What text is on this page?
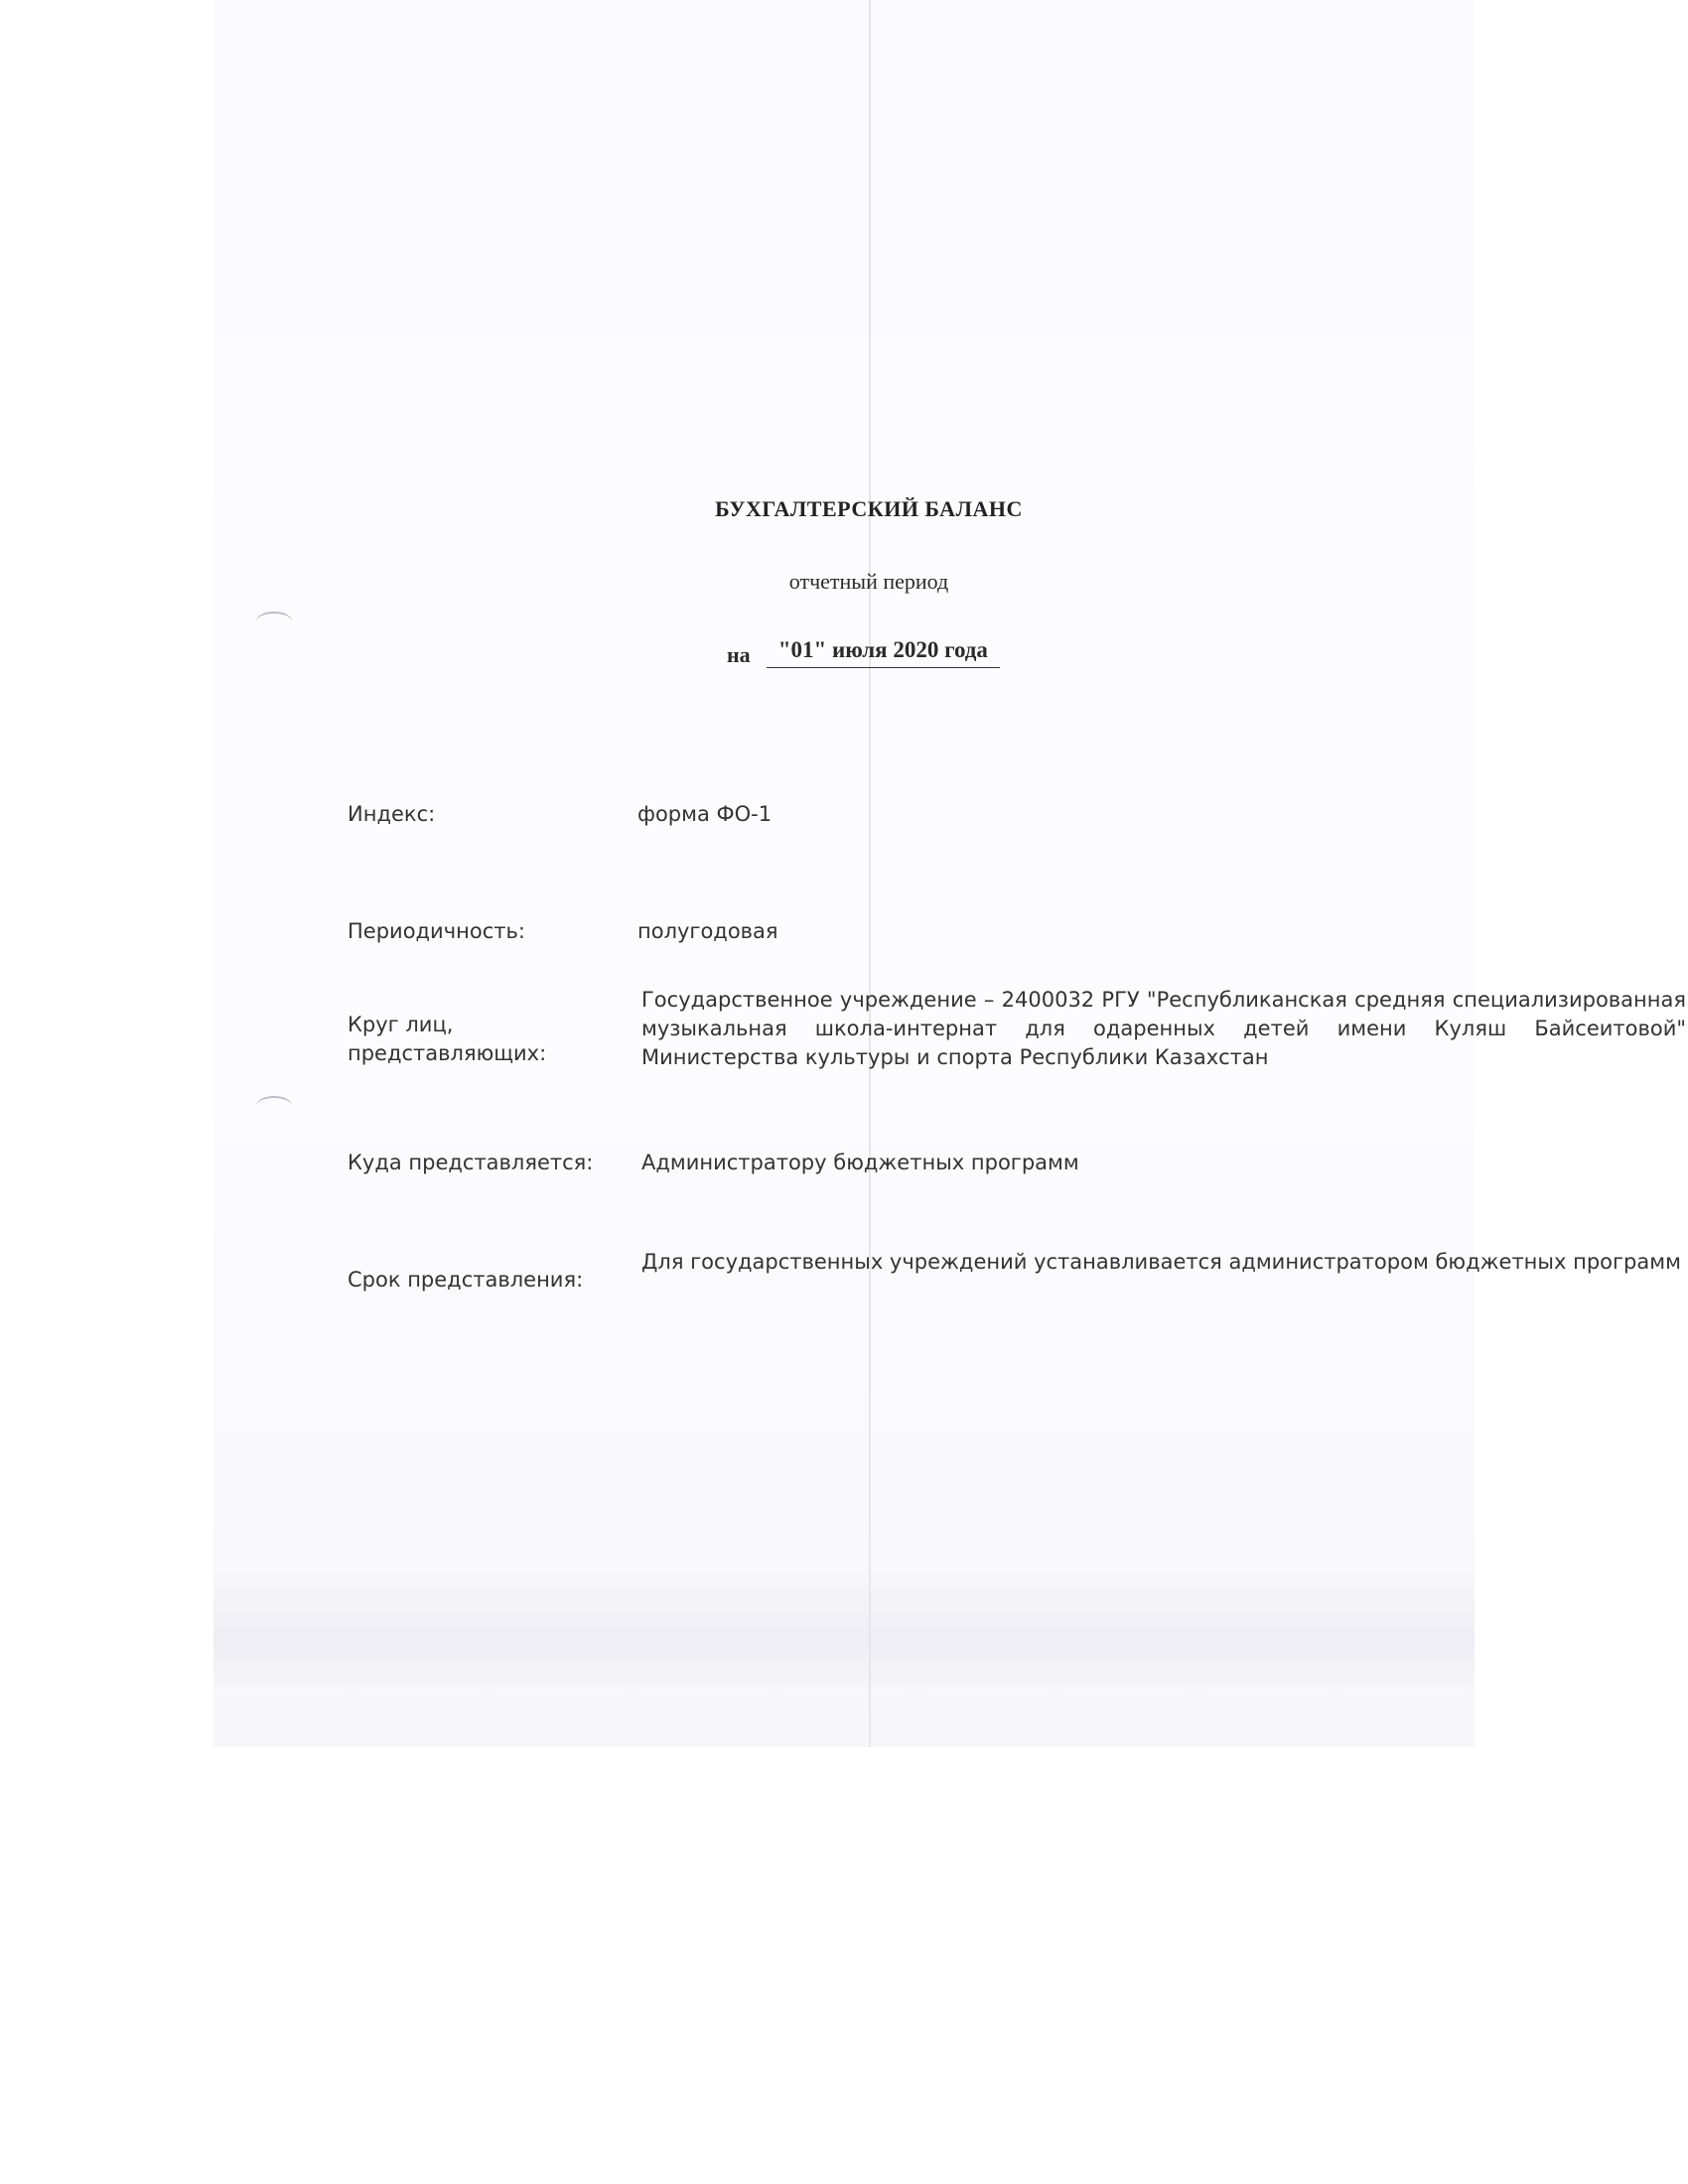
БУХГАЛТЕРСКИЙ БАЛАНС
отчетный период
на	"01" июля 2020 года
Индекс:	форма ФО-1
Периодичность:	полугодовая
Круг лиц,
представляющих:
Государственное учреждение – 2400032 РГУ "Республиканская средняя специализированная музыкальная школа-интернат для одаренных детей имени Куляш Байсеитовой" Министерства культуры и спорта Республики Казахстан
Куда представляется: Администратору бюджетных программ
Срок представления:
Для государственных учреждений устанавливается администратором бюджетных программ
